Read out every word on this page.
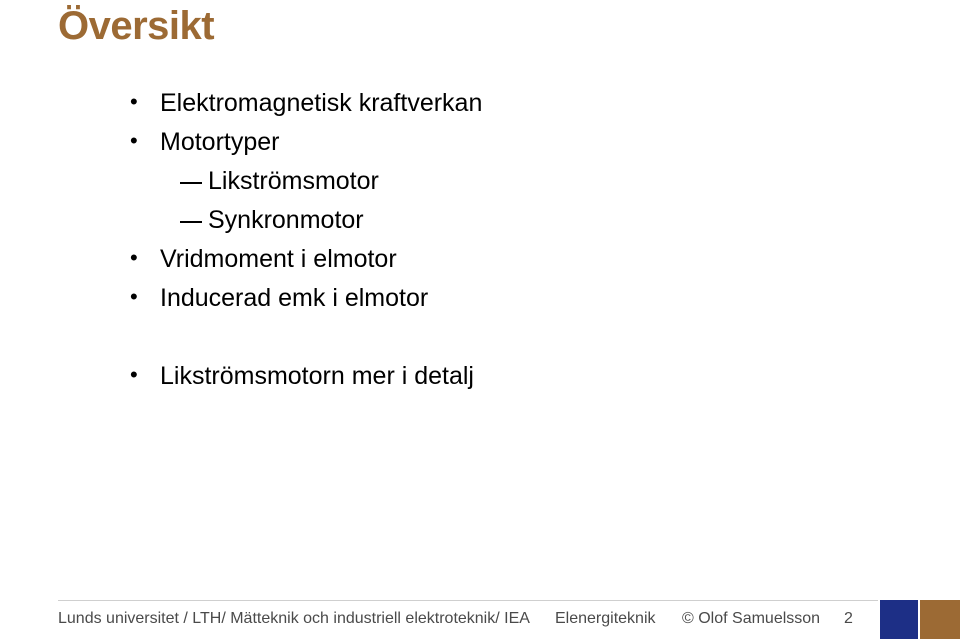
Översikt
• Elektromagnetisk kraftverkan
• Motortyper
Likströmsmotor
Synkronmotor
• Vridmoment i elmotor
• Inducerad emk i elmotor
• Likströmsmotorn mer i detalj
Lunds universitet / LTH/ Mätteknik och industriell elektroteknik/ IEA Elenergiteknik © Olof Samuelsson 2
